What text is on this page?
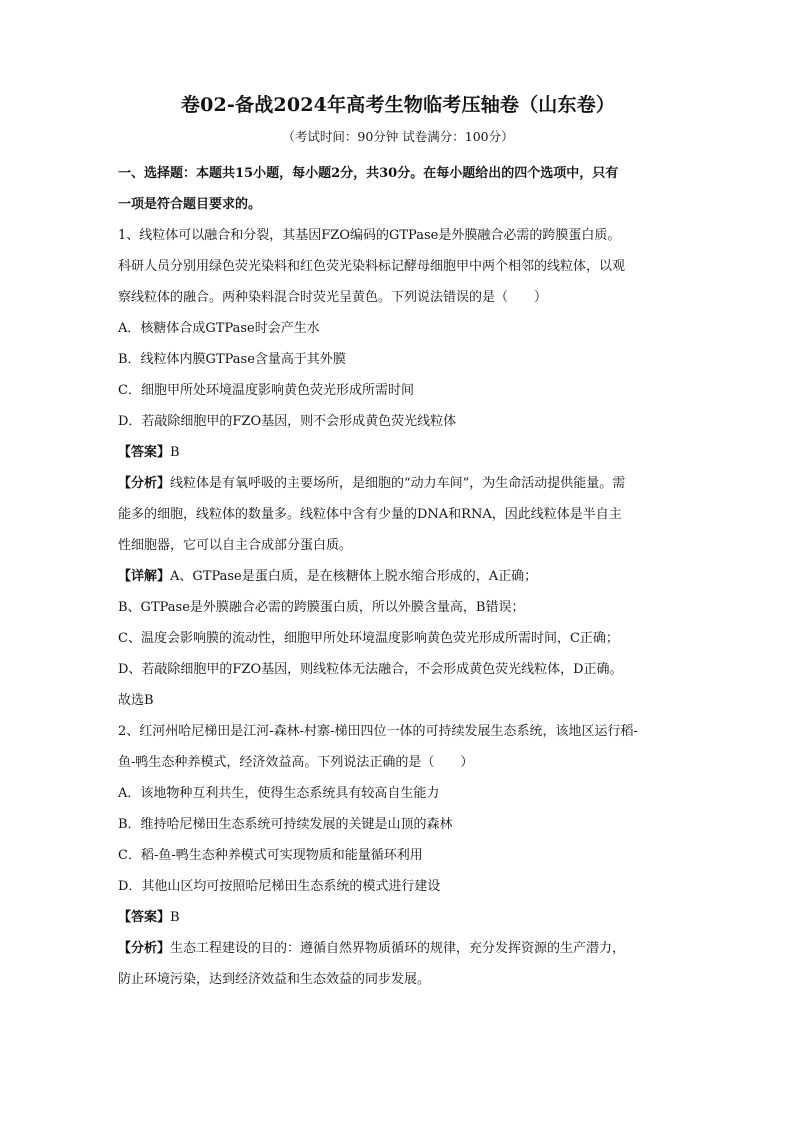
卷02-备战2024年高考生物临考压轴卷（山东卷）
（考试时间：90分钟 试卷满分：100分）
一、选择题：本题共15小题，每小题2分，共30分。在每小题给出的四个选项中，只有
一项是符合题目要求的。
1、线粒体可以融合和分裂，其基因FZO编码的GTPase是外膜融合必需的跨膜蛋白质。
科研人员分别用绿色荧光染料和红色荧光染料标记酵母细胞甲中两个相邻的线粒体，以观
察线粒体的融合。两种染料混合时荧光呈黄色。下列说法错误的是（　　）
A．核糖体合成GTPase时会产生水
B．线粒体内膜GTPase含量高于其外膜
C．细胞甲所处环境温度影响黄色荧光形成所需时间
D．若敲除细胞甲的FZO基因，则不会形成黄色荧光线粒体
【答案】B
【分析】线粒体是有氧呼吸的主要场所，是细胞的“动力车间”，为生命活动提供能量。需
能多的细胞，线粒体的数量多。线粒体中含有少量的DNA和RNA，因此线粒体是半自主
性细胞器，它可以自主合成部分蛋白质。
【详解】A、GTPase是蛋白质，是在核糖体上脱水缩合形成的，A正确；
B、GTPase是外膜融合必需的跨膜蛋白质，所以外膜含量高，B错误；
C、温度会影响膜的流动性，细胞甲所处环境温度影响黄色荧光形成所需时间，C正确；
D、若敲除细胞甲的FZO基因，则线粒体无法融合，不会形成黄色荧光线粒体，D正确。
故选B
2、红河州哈尼梯田是江河-森林-村寨-梯田四位一体的可持续发展生态系统，该地区运行稻-
鱼-鸭生态种养模式，经济效益高。下列说法正确的是（　　）
A．该地物种互利共生，使得生态系统具有较高自生能力
B．维持哈尼梯田生态系统可持续发展的关键是山顶的森林
C．稻-鱼-鸭生态种养模式可实现物质和能量循环利用
D．其他山区均可按照哈尼梯田生态系统的模式进行建设
【答案】B
【分析】生态工程建设的目的：遵循自然界物质循环的规律，充分发挥资源的生产潜力，
防止环境污染，达到经济效益和生态效益的同步发展。
